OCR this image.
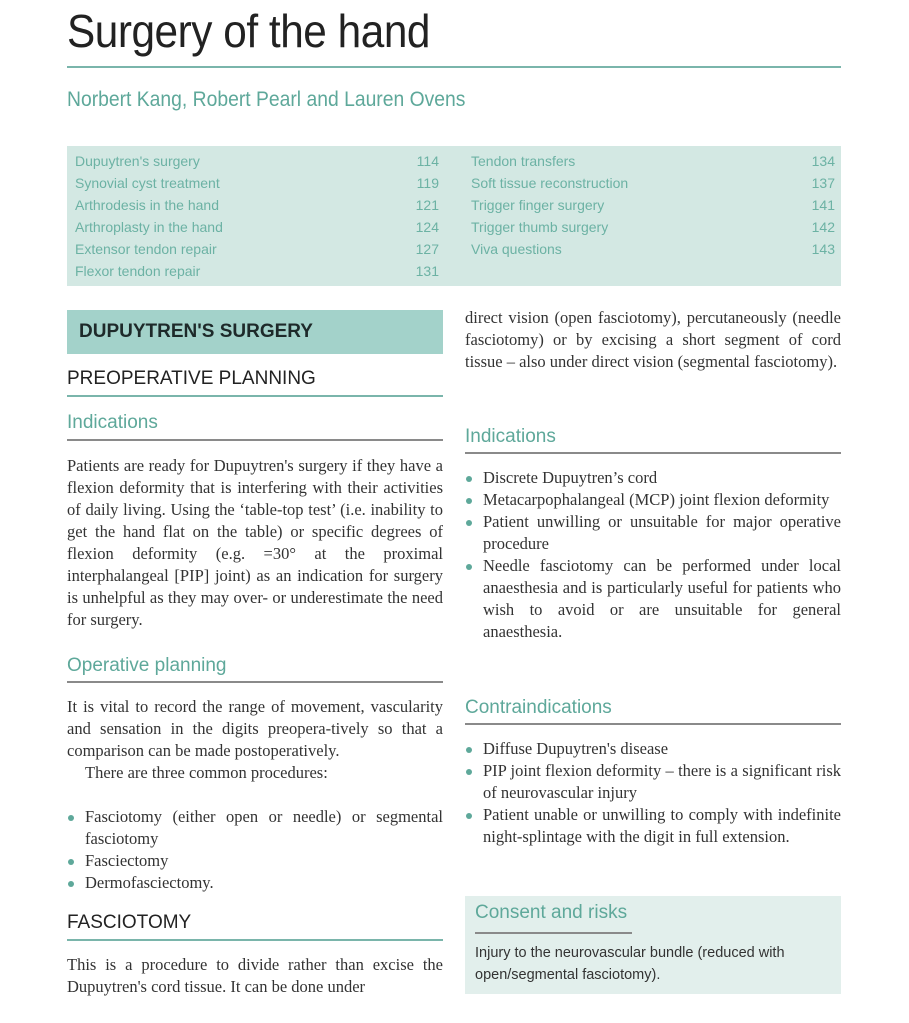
Surgery of the hand
Norbert Kang, Robert Pearl and Lauren Ovens
Dupuytren's surgery	114
Synovial cyst treatment	119
Arthrodesis in the hand	121
Arthroplasty in the hand	124
Extensor tendon repair	127
Flexor tendon repair	131
Tendon transfers	134
Soft tissue reconstruction	137
Trigger finger surgery	141
Trigger thumb surgery	142
Viva questions	143
DUPUYTREN'S SURGERY
PREOPERATIVE PLANNING
Indications
Patients are ready for Dupuytren's surgery if they have a flexion deformity that is interfering with their activities of daily living. Using the ‘table-top test’ (i.e. inability to get the hand flat on the table) or specific degrees of flexion deformity (e.g. =30° at the proximal interphalangeal [PIP] joint) as an indication for surgery is unhelpful as they may over- or underestimate the need for surgery.
Operative planning
It is vital to record the range of movement, vascularity and sensation in the digits preopera-tively so that a comparison can be made postoperatively.
There are three common procedures:
Fasciotomy (either open or needle) or segmental fasciotomy
Fasciectomy
Dermofasciectomy.
FASCIOTOMY
This is a procedure to divide rather than excise the Dupuytren's cord tissue. It can be done under
direct vision (open fasciotomy), percutaneously (needle fasciotomy) or by excising a short segment of cord tissue – also under direct vision (segmental fasciotomy).
Indications
Discrete Dupuytren’s cord
Metacarpophalangeal (MCP) joint flexion deformity
Patient unwilling or unsuitable for major operative procedure
Needle fasciotomy can be performed under local anaesthesia and is particularly useful for patients who wish to avoid or are unsuitable for general anaesthesia.
Contraindications
Diffuse Dupuytren's disease
PIP joint flexion deformity – there is a significant risk of neurovascular injury
Patient unable or unwilling to comply with indefinite night-splintage with the digit in full extension.
Consent and risks
Injury to the neurovascular bundle (reduced with open/segmental fasciotomy).
